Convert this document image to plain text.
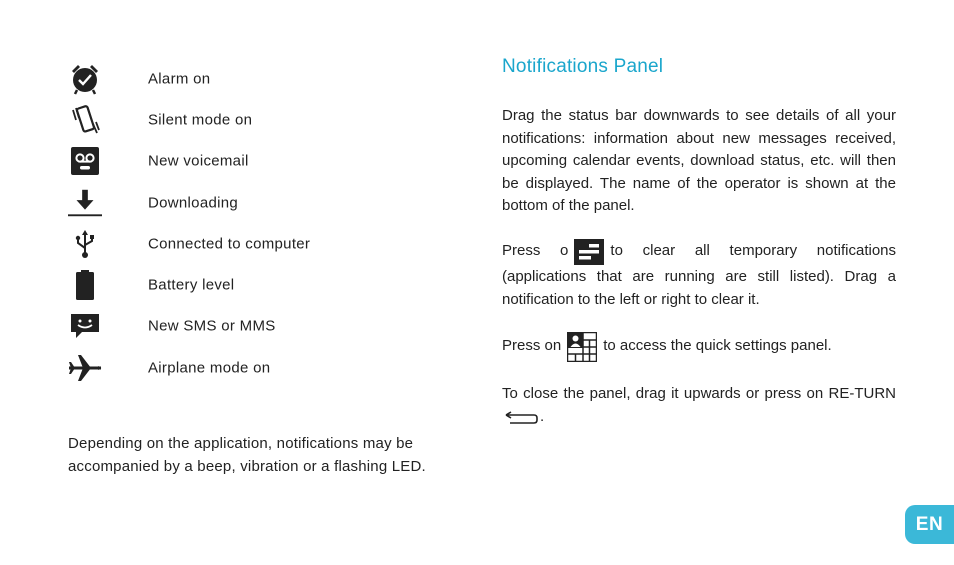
Alarm on
Silent mode on
New voicemail
Downloading
Connected to computer
Battery level
New SMS or MMS
Airplane mode on

Depending on the application, notifications may be accompanied by a beep, vibration or a flashing LED.

Notifications Panel

Drag the status bar downwards to see details of all your notifications: information about new messages received, upcoming calendar events, download status, etc. will then be displayed. The name of the operator is shown at the bottom of the panel.

Press o	to clear all temporary notifications (applications that are running are still listed). Drag a notification to the left or right to clear it.

Press on	to access the quick settings panel.

To close the panel, drag it upwards or press on RE-TURN.

EN
